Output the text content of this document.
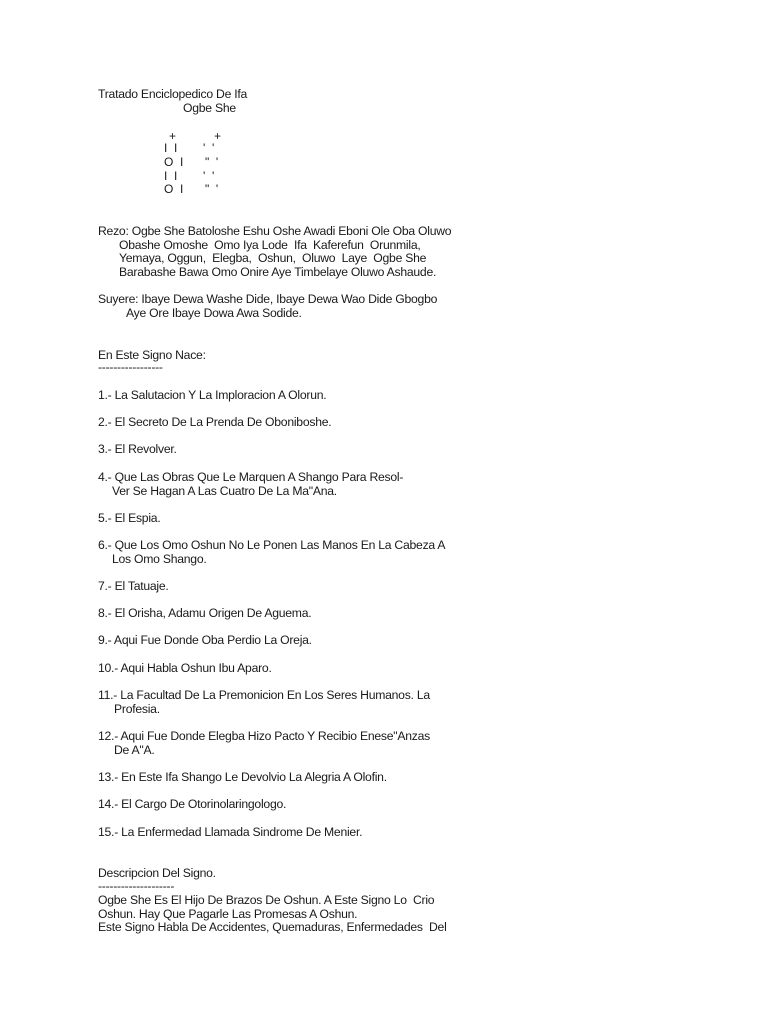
Tratado Enciclopedico De Ifa
Ogbe She
+	+
I  I '  '
O  I "  '
I  I '  '
O  I "  '
Rezo: Ogbe She Batoloshe Eshu Oshe Awadi Eboni Ole Oba Oluwo
Obashe Omoshe  Omo Iya Lode  Ifa  Kaferefun  Orunmila,
Yemaya, Oggun,  Elegba,  Oshun,  Oluwo  Laye  Ogbe She
Barabashe Bawa Omo Onire Aye Timbelaye Oluwo Ashaude.
Suyere: Ibaye Dewa Washe Dide, Ibaye Dewa Wao Dide Gbogbo
Aye Ore Ibaye Dowa Awa Sodide.
En Este Signo Nace:
-----------------
1.- La Salutacion Y La Imploracion A Olorun.
2.- El Secreto De La Prenda De Oboniboshe.
3.- El Revolver.
4.- Que Las Obras Que Le Marquen A Shango Para Resol-
Ver Se Hagan A Las Cuatro De La Ma"Ana.
5.- El Espia.
6.- Que Los Omo Oshun No Le Ponen Las Manos En La Cabeza A
Los Omo Shango.
7.- El Tatuaje.
8.- El Orisha, Adamu Origen De Aguema.
9.- Aqui Fue Donde Oba Perdio La Oreja.
10.- Aqui Habla Oshun Ibu Aparo.
11.- La Facultad De La Premonicion En Los Seres Humanos. La
Profesia.
12.- Aqui Fue Donde Elegba Hizo Pacto Y Recibio Enese"Anzas
De A"A.
13.- En Este Ifa Shango Le Devolvio La Alegria A Olofin.
14.- El Cargo De Otorinolaringologo.
15.- La Enfermedad Llamada Sindrome De Menier.
Descripcion Del Signo.
--------------------
Ogbe She Es El Hijo De Brazos De Oshun. A Este Signo Lo  Crio
Oshun. Hay Que Pagarle Las Promesas A Oshun.
Este Signo Habla De Accidentes, Quemaduras, Enfermedades  Del
